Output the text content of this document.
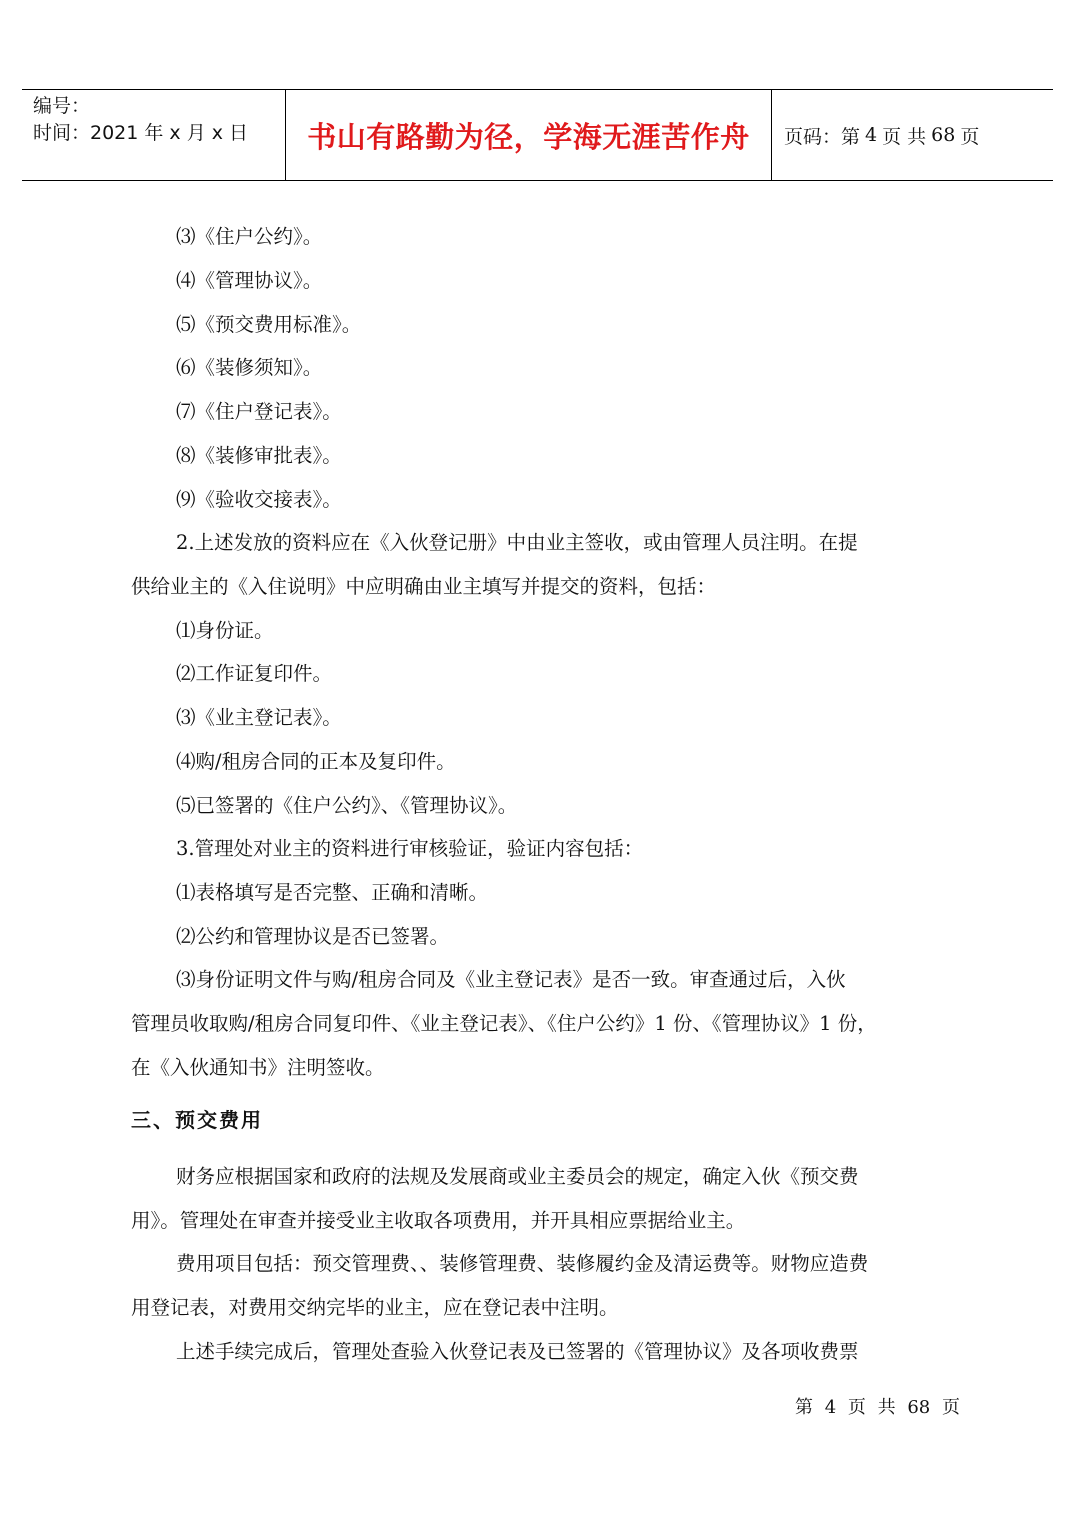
编号：
时间：2021 年 x 月 x 日	书山有路勤为径，学海无涯苦作舟 页码：第 4 页 共 68 页
⑶《住户公约》。
⑷《管理协议》。
⑸《预交费用标准》。
⑹《装修须知》。
⑺《住户登记表》。
⑻《装修审批表》。
⑼《验收交接表》。
2.上述发放的资料应在《入伙登记册》中由业主签收，或由管理人员注明。在提
供给业主的《入住说明》中应明确由业主填写并提交的资料，包括：
⑴身份证。
⑵工作证复印件。
⑶《业主登记表》。
⑷购/租房合同的正本及复印件。
⑸已签署的《住户公约》、《管理协议》。
3.管理处对业主的资料进行审核验证，验证内容包括：
⑴表格填写是否完整、正确和清晰。
⑵公约和管理协议是否已签署。
⑶身份证明文件与购/租房合同及《业主登记表》是否一致。审查通过后，入伙
管理员收取购/租房合同复印件、《业主登记表》、《住户公约》1 份、《管理协议》1 份，
在《入伙通知书》注明签收。
三、预交费用
财务应根据国家和政府的法规及发展商或业主委员会的规定，确定入伙《预交费
用》。管理处在审查并接受业主收取各项费用，并开具相应票据给业主。
费用项目包括：预交管理费、、装修管理费、装修履约金及清运费等。财物应造费
用登记表，对费用交纳完毕的业主，应在登记表中注明。
上述手续完成后，管理处查验入伙登记表及已签署的《管理协议》及各项收费票
第 4 页 共 68 页
